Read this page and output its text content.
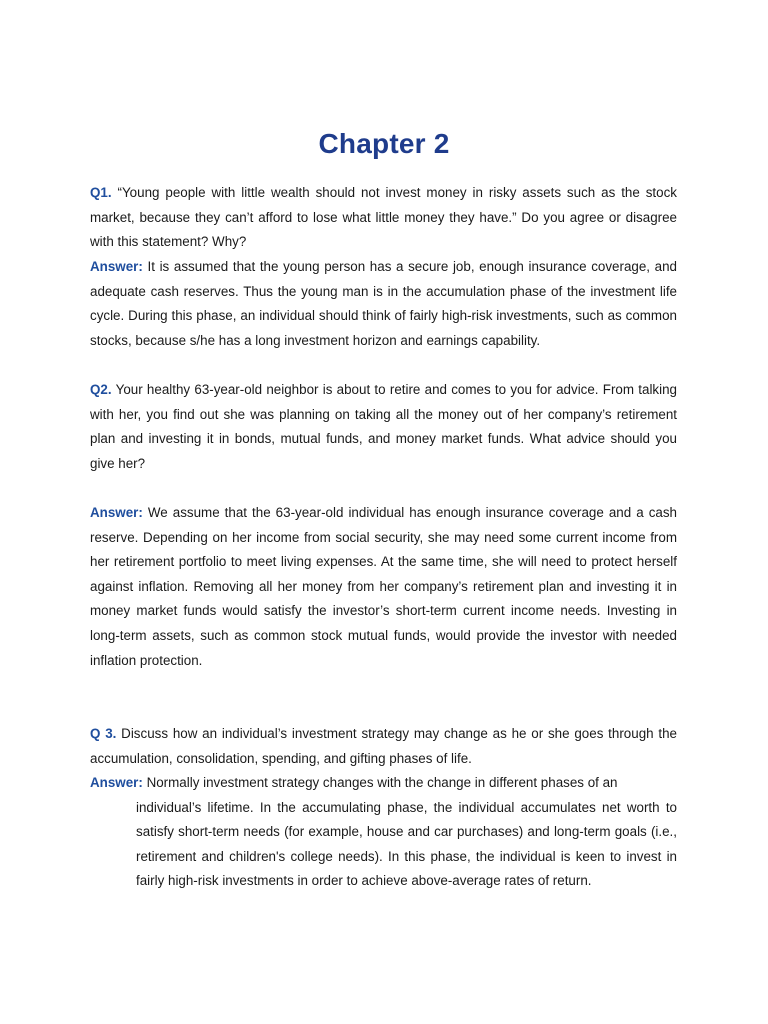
Chapter 2
Q1. “Young people with little wealth should not invest money in risky assets such as the stock market, because they can’t afford to lose what little money they have.” Do you agree or disagree with this statement? Why?
Answer: It is assumed that the young person has a secure job, enough insurance coverage, and adequate cash reserves. Thus the young man is in the accumulation phase of the investment life cycle. During this phase, an individual should think of fairly high-risk investments, such as common stocks, because s/he has a long investment horizon and earnings capability.
Q2. Your healthy 63-year-old neighbor is about to retire and comes to you for advice. From talking with her, you find out she was planning on taking all the money out of her company’s retirement plan and investing it in bonds, mutual funds, and money market funds. What advice should you give her?
Answer: We assume that the 63-year-old individual has enough insurance coverage and a cash reserve. Depending on her income from social security, she may need some current income from her retirement portfolio to meet living expenses. At the same time, she will need to protect herself against inflation. Removing all her money from her company’s retirement plan and investing it in money market funds would satisfy the investor’s short-term current income needs. Investing in long-term assets, such as common stock mutual funds, would provide the investor with needed inflation protection.
Q 3. Discuss how an individual’s investment strategy may change as he or she goes through the accumulation, consolidation, spending, and gifting phases of life.
Answer: Normally investment strategy changes with the change in different phases of an
individual’s lifetime. In the accumulating phase, the individual accumulates net worth to satisfy short-term needs (for example, house and car purchases) and long-term goals (i.e., retirement and children's college needs). In this phase, the individual is keen to invest in fairly high-risk investments in order to achieve above-average rates of return.
